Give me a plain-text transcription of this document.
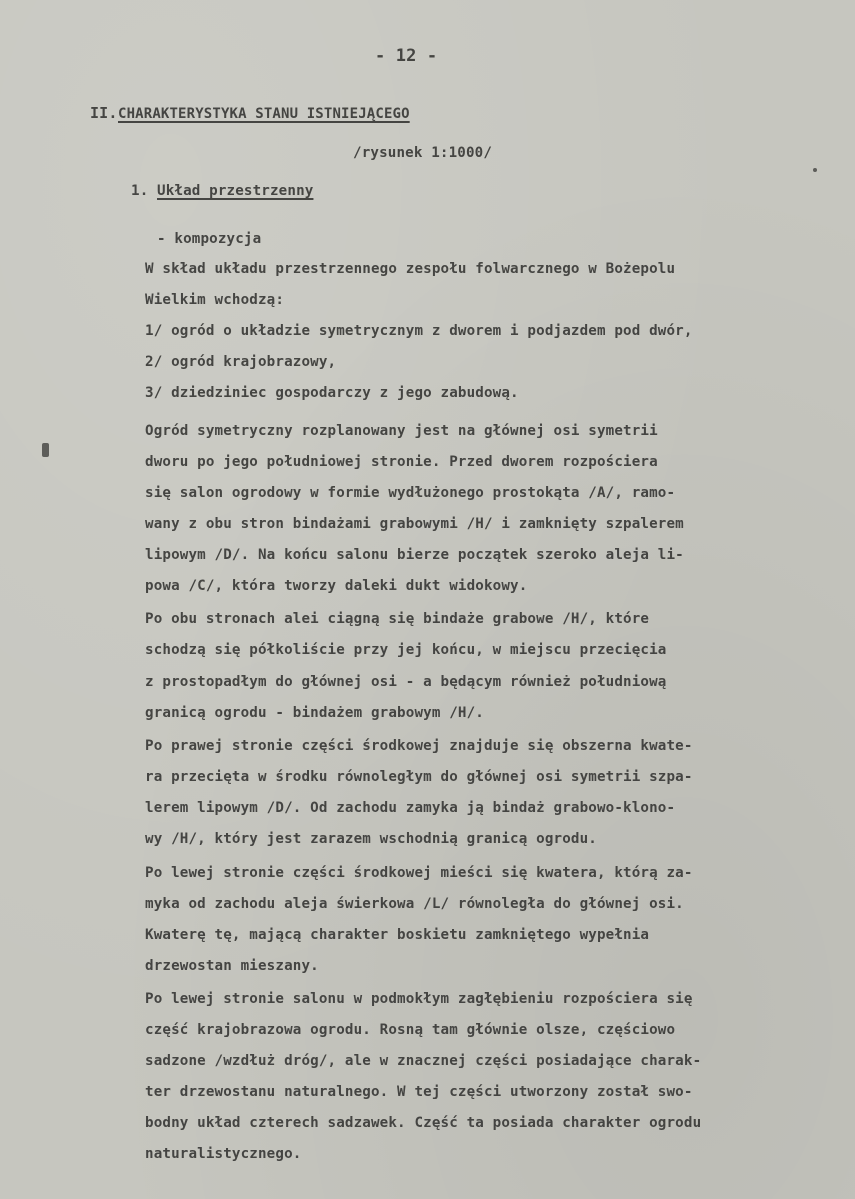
- 12 -
II. CHARAKTERYSTYKA STANU ISTNIEJĄCEGO
/rysunek 1:1000/
1. Układ przestrzenny
- kompozycja
W skład układu przestrzennego zespołu folwarcznego w Bożepolu
Wielkim wchodzą:
1/ ogród o układzie symetrycznym z dworem i podjazdem pod dwór,
2/ ogród krajobrazowy,
3/ dziedziniec gospodarczy z jego zabudową.
Ogród symetryczny rozplanowany jest na głównej osi symetrii
dworu po jego południowej stronie. Przed dworem rozpościera
się salon ogrodowy w formie wydłużonego prostokąta /A/, ramo-
wany z obu stron bindażami grabowymi /H/ i zamknięty szpalerem
lipowym /D/. Na końcu salonu bierze początek szeroko aleja li-
powa /C/, która tworzy daleki dukt widokowy.
Po obu stronach alei ciągną się bindaże grabowe /H/, które
schodzą się półkoliście przy jej końcu, w miejscu przecięcia
z prostopadłym do głównej osi - a będącym również południową
granicą ogrodu - bindażem grabowym /H/.
Po prawej stronie części środkowej znajduje się obszerna kwate-
ra przecięta w środku równoległym do głównej osi symetrii szpa-
lerem lipowym /D/. Od zachodu zamyka ją bindaż grabowo-klono-
wy /H/, który jest zarazem wschodnią granicą ogrodu.
Po lewej stronie części środkowej mieści się kwatera, którą za-
myka od zachodu aleja świerkowa /L/ równoległa do głównej osi.
Kwaterę tę, mającą charakter boskietu zamkniętego wypełnia
drzewostan mieszany.
Po lewej stronie salonu w podmokłym zagłębieniu rozpościera się
część krajobrazowa ogrodu. Rosną tam głównie olsze, częściowo
sadzone /wzdłuż dróg/, ale w znacznej części posiadające charak-
ter drzewostanu naturalnego. W tej części utworzony został swo-
bodny układ czterech sadzawek. Część ta posiada charakter ogrodu
naturalistycznego.
